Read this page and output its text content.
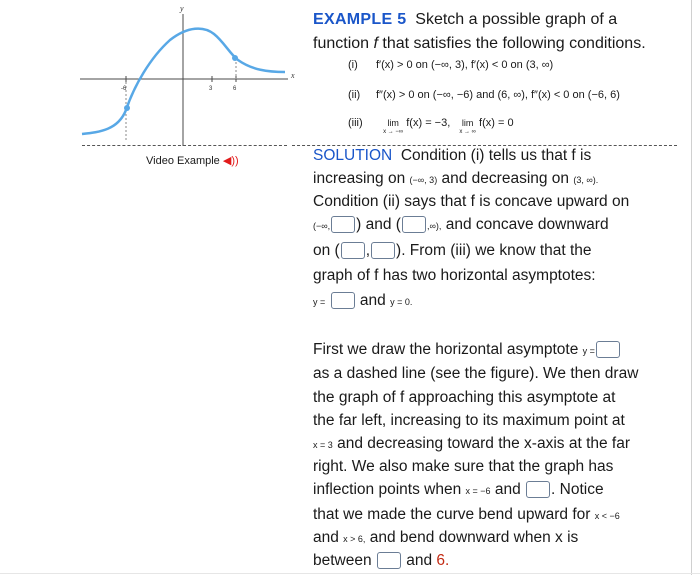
y
x
-6	3	6
Video Example ◀))
EXAMPLE 5 Sketch a possible graph of a
function f that satisfies the following conditions.
(i) f′(x) > 0 on (−∞, 3), f′(x) < 0 on (3, ∞)
(ii) f″(x) > 0 on (−∞, −6) and (6, ∞), f″(x) < 0 on (−6, 6)
(iii)	lim
$^{x \to -\infty}$ f(x) = −3, lim
$^{x \to \infty}$ f(x) = 0
SOLUTION Condition (i) tells us that f is
increasing on (−∞, 3) and decreasing on (3, ∞).
Condition (ii) says that f is concave upward on
(−∞, ) and (	,∞), and concave downward
on ( , ). From (iii) we know that the
graph of f has two horizontal asymptotes:
y = and y = 0.
First we draw the horizontal asymptote y =
as a dashed line (see the figure). We then draw
the graph of f approaching this asymptote at
the far left, increasing to its maximum point at
x = 3 and decreasing toward the x-axis at the far
right. We also make sure that the graph has
inflection points when x = −6 and . Notice
that we made the curve bend upward for x < −6
and x > 6, and bend downward when x is
between and 6.
